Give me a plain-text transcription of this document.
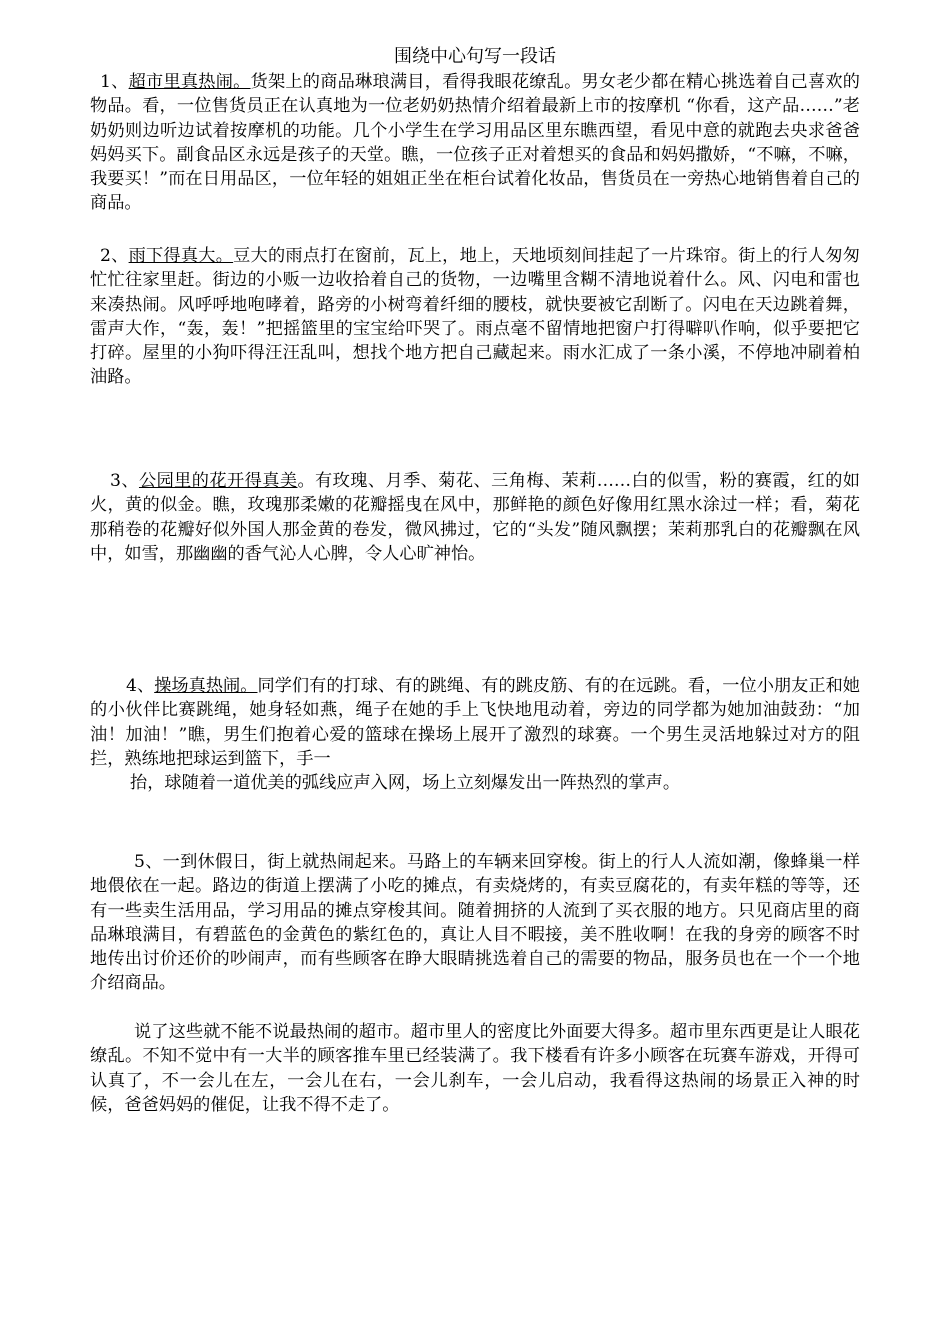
围绕中心句写一段话
1、超市里真热闹。货架上的商品琳琅满目，看得我眼花缭乱。男女老少都在精心挑选着自己喜欢的物品。看，一位售货员正在认真地为一位老奶奶热情介绍着最新上市的按摩机 “你看，这产品……”老奶奶则边听边试着按摩机的功能。几个小学生在学习用品区里东瞧西望，看见中意的就跑去央求爸爸妈妈买下。副食品区永远是孩子的天堂。瞧，一位孩子正对着想买的食品和妈妈撒娇，“不嘛，不嘛，我要买！”而在日用品区，一位年轻的姐姐正坐在柜台试着化妆品，售货员在一旁热心地销售着自己的商品。
2、雨下得真大。豆大的雨点打在窗前，瓦上，地上，天地顷刻间挂起了一片珠帘。街上的行人匆匆忙忙往家里赶。街边的小贩一边收拾着自己的货物，一边嘴里含糊不清地说着什么。风、闪电和雷也来凑热闹。风呼呼地咆哮着，路旁的小树弯着纤细的腰枝，就快要被它刮断了。闪电在天边跳着舞，雷声大作，“轰，轰！”把摇篮里的宝宝给吓哭了。雨点毫不留情地把窗户打得噼叭作响，似乎要把它打碎。屋里的小狗吓得汪汪乱叫，想找个地方把自己藏起来。雨水汇成了一条小溪，不停地冲刷着柏油路。
3、公园里的花开得真美。有玫瑰、月季、菊花、三角梅、茉莉……白的似雪，粉的赛霞，红的如火，黄的似金。瞧，玫瑰那柔嫩的花瓣摇曳在风中，那鲜艳的颜色好像用红黑水涂过一样；看，菊花那稍卷的花瓣好似外国人那金黄的卷发，微风拂过，它的“头发”随风飘摆；茉莉那乳白的花瓣飘在风中，如雪，那幽幽的香气沁人心脾，令人心旷神怡。
4、操场真热闹。同学们有的打球、有的跳绳、有的跳皮筋、有的在远跳。看，一位小朋友正和她的小伙伴比赛跳绳，她身轻如燕，绳子在她的手上飞快地甩动着，旁边的同学都为她加油鼓劲：“加油！加油！”瞧，男生们抱着心爱的篮球在操场上展开了激烈的球赛。一个男生灵活地躲过对方的阻拦，熟练地把球运到篮下，手一
抬，球随着一道优美的弧线应声入网，场上立刻爆发出一阵热烈的掌声。
5、一到休假日，街上就热闹起来。马路上的车辆来回穿梭。街上的行人人流如潮，像蜂巢一样地偎依在一起。路边的街道上摆满了小吃的摊点，有卖烧烤的，有卖豆腐花的，有卖年糕的等等，还有一些卖生活用品，学习用品的摊点穿梭其间。随着拥挤的人流到了买衣服的地方。只见商店里的商品琳琅满目，有碧蓝色的金黄色的紫红色的，真让人目不暇接，美不胜收啊！在我的身旁的顾客不时地传出讨价还价的吵闹声，而有些顾客在睁大眼睛挑选着自己的需要的物品，服务员也在一个一个地介绍商品。
说了这些就不能不说最热闹的超市。超市里人的密度比外面要大得多。超市里东西更是让人眼花缭乱。不知不觉中有一大半的顾客推车里已经装满了。我下楼看有许多小顾客在玩赛车游戏，开得可认真了，不一会儿在左，一会儿在右，一会儿刹车，一会儿启动，我看得这热闹的场景正入神的时候，爸爸妈妈的催促，让我不得不走了。
